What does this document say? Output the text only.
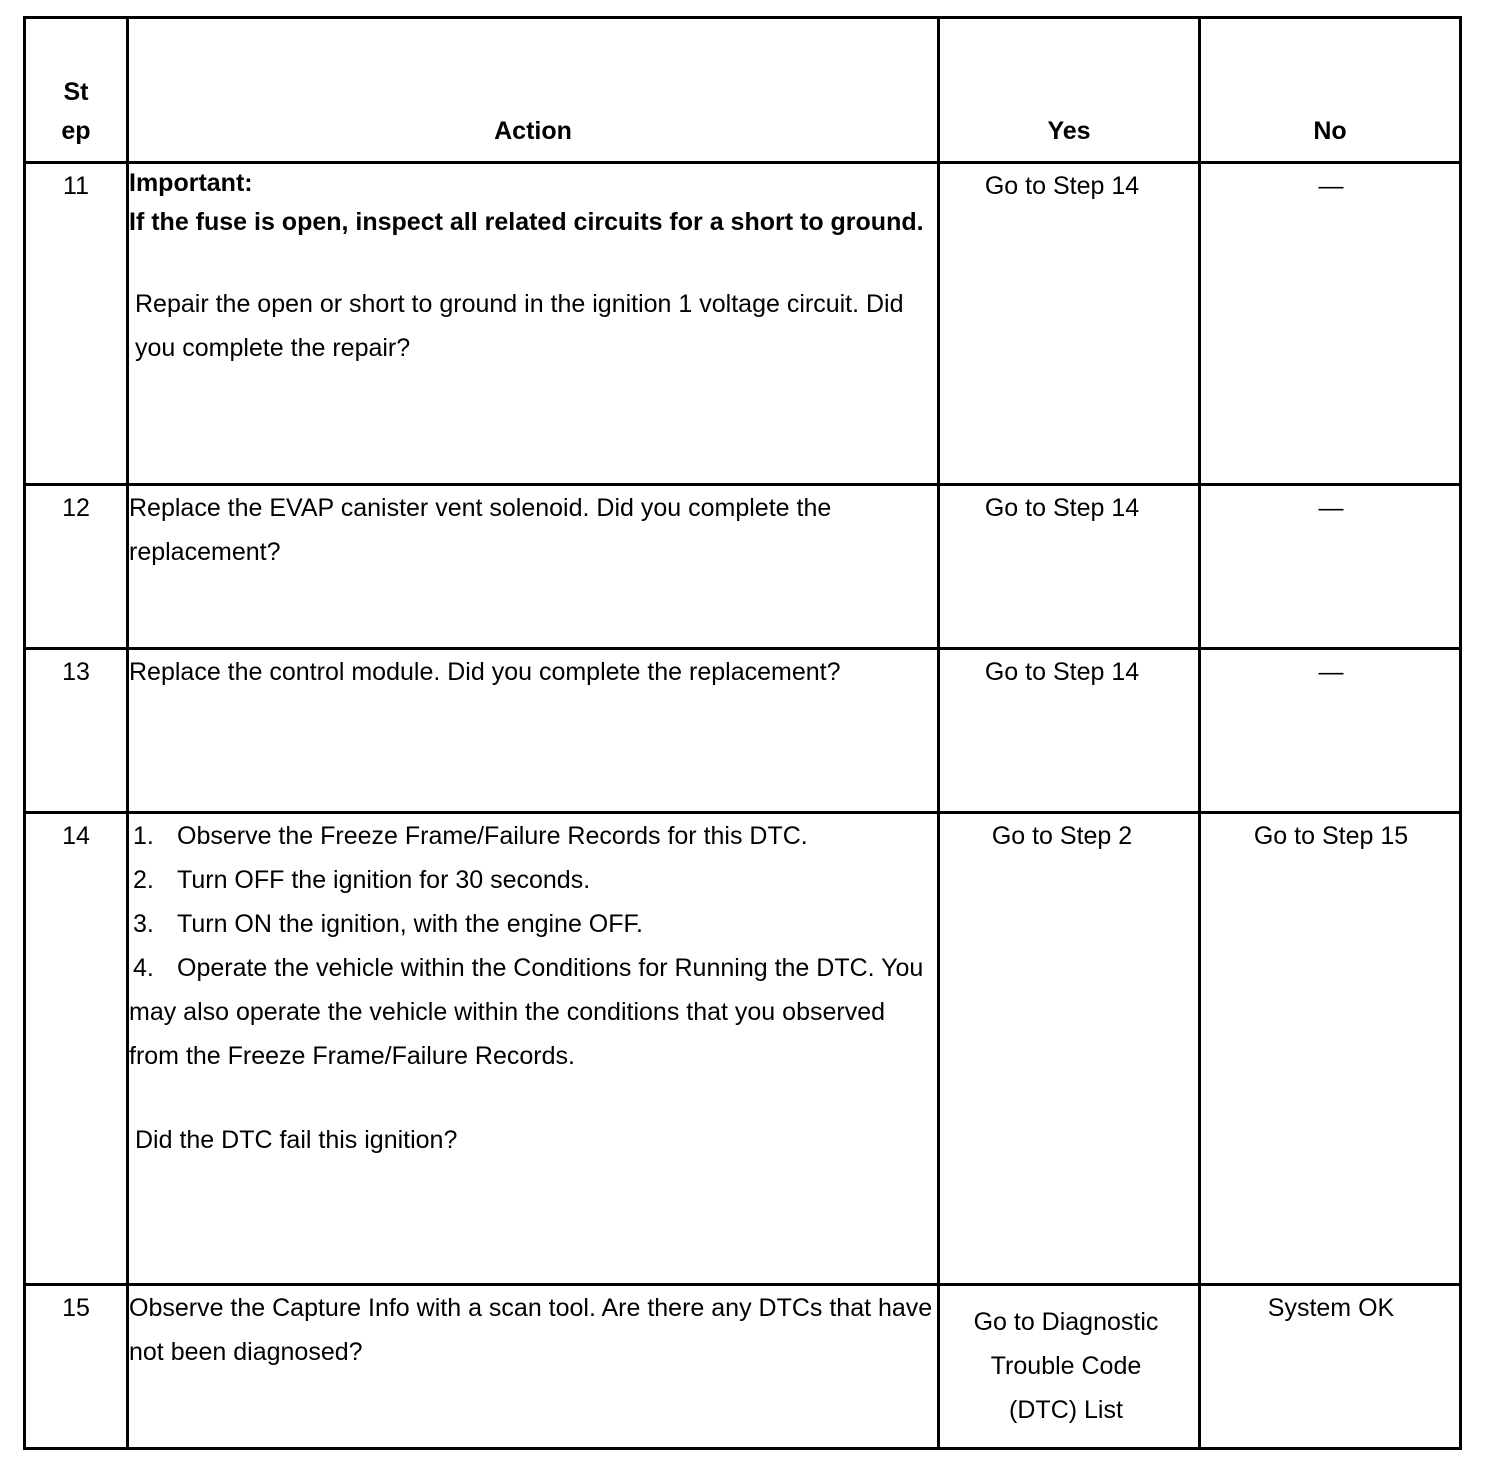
St
ep	Action	Yes	No

11	Important:
If the fuse is open, inspect all related circuits for a short to ground.
Repair the open or short to ground in the ignition 1 voltage circuit. Did you complete the repair?	Go to Step 14	—

12	Replace the EVAP canister vent solenoid. Did you complete the replacement?	Go to Step 14	—

13	Replace the control module. Did you complete the replacement?	Go to Step 14	—

14	1. Observe the Freeze Frame/Failure Records for this DTC.
2. Turn OFF the ignition for 30 seconds.
3. Turn ON the ignition, with the engine OFF.
4. Operate the vehicle within the Conditions for Running the DTC. You may also operate the vehicle within the conditions that you observed from the Freeze Frame/Failure Records.
Did the DTC fail this ignition?	Go to Step 2	Go to Step 15

15	Observe the Capture Info with a scan tool. Are there any DTCs that have not been diagnosed?	Go to Diagnostic
Trouble Code
(DTC) List	System OK
